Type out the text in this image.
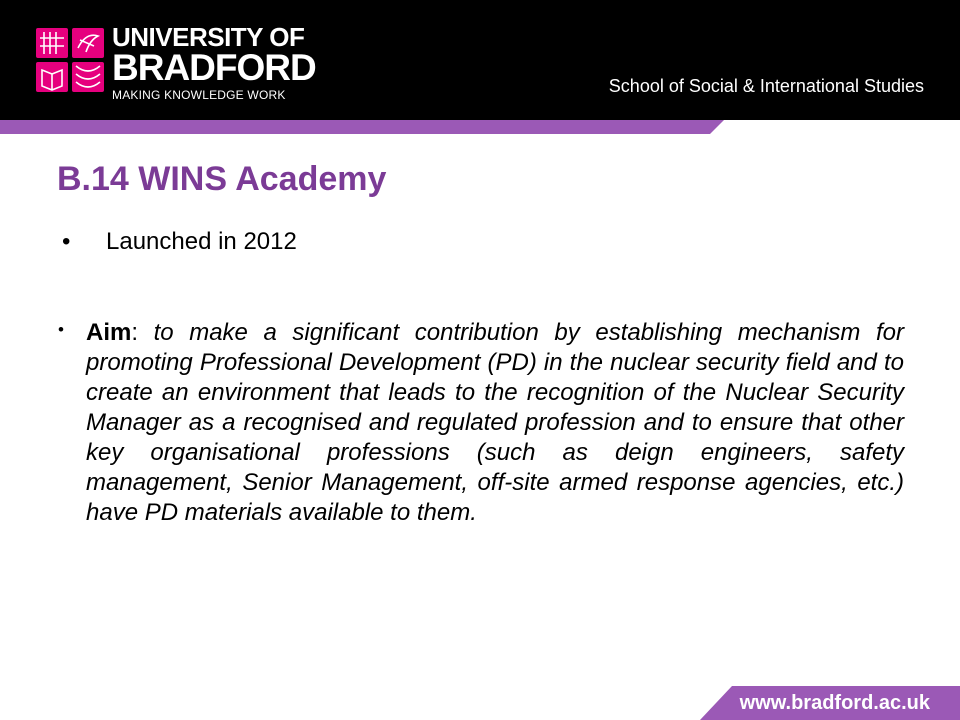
UNIVERSITY OF
BRADFORD
MAKING KNOWLEDGE WORK	School of Social & International Studies
B.14 WINS Academy
• Launched in 2012
• Aim: to make a significant contribution by establishing mechanism for promoting Professional Development (PD) in the nuclear security field and to create an environment that leads to the recognition of the Nuclear Security Manager as a recognised and regulated profession and to ensure that other key organisational professions (such as deign engineers, safety management, Senior Management, off-site armed response agencies, etc.) have PD materials available to them.
www.bradford.ac.uk
